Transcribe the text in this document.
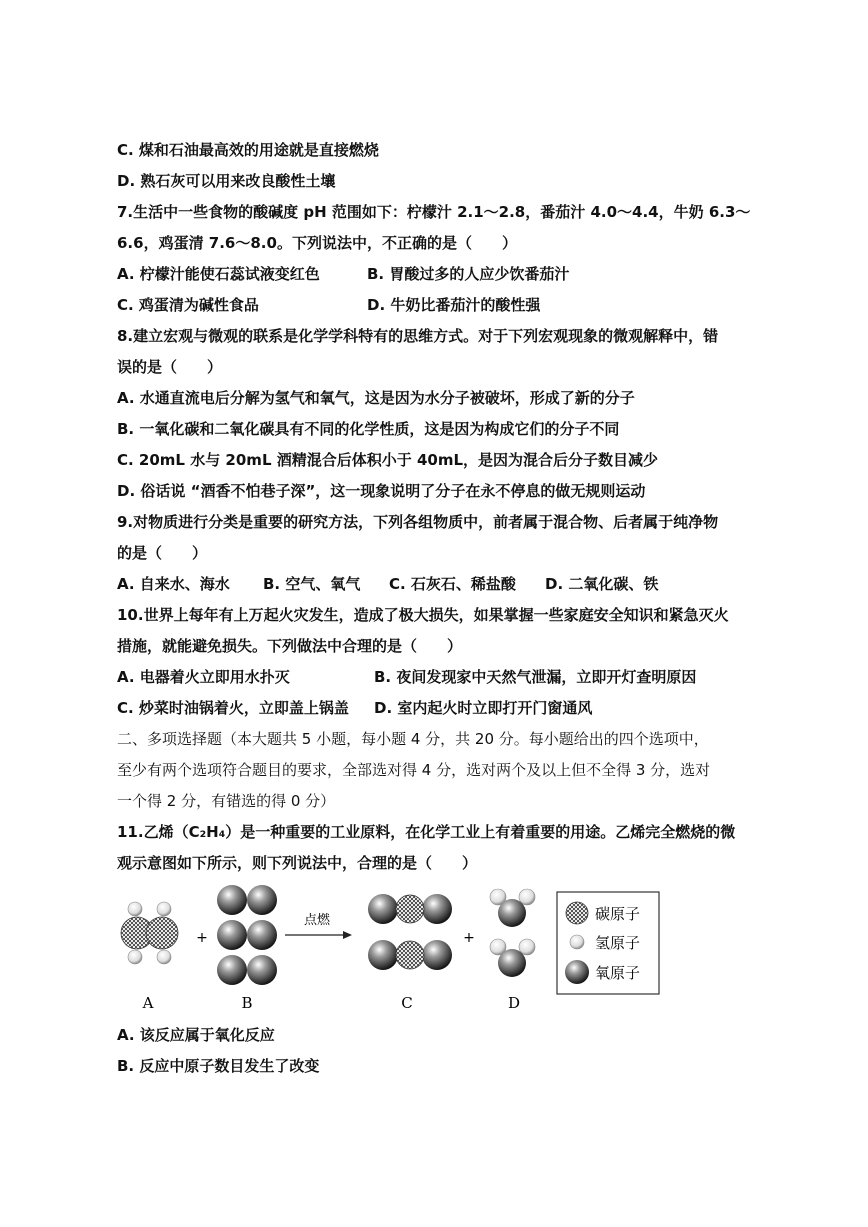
C. 煤和石油最高效的用途就是直接燃烧
D. 熟石灰可以用来改良酸性土壤
7.生活中一些食物的酸碱度 pH 范围如下：柠檬汁 2.1～2.8，番茄汁 4.0～4.4，牛奶 6.3～
6.6，鸡蛋清 7.6～8.0。下列说法中，不正确的是（　　）
A. 柠檬汁能使石蕊试液变红色	B. 胃酸过多的人应少饮番茄汁
C. 鸡蛋清为碱性食品	D. 牛奶比番茄汁的酸性强
8.建立宏观与微观的联系是化学学科特有的思维方式。对于下列宏观现象的微观解释中，错
误的是（　　）
A. 水通直流电后分解为氢气和氧气，这是因为水分子被破坏，形成了新的分子
B. 一氧化碳和二氧化碳具有不同的化学性质，这是因为构成它们的分子不同
C. 20mL 水与 20mL 酒精混合后体积小于 40mL，是因为混合后分子数目减少
D. 俗话说 “酒香不怕巷子深”，这一现象说明了分子在永不停息的做无规则运动
9.对物质进行分类是重要的研究方法，下列各组物质中，前者属于混合物、后者属于纯净物
的是（　　）
A. 自来水、海水 B. 空气、氧气 C. 石灰石、稀盐酸 D. 二氧化碳、铁
10.世界上每年有上万起火灾发生，造成了极大损失，如果掌握一些家庭安全知识和紧急灭火
措施，就能避免损失。下列做法中合理的是（　　）
A. 电器着火立即用水扑灭	B. 夜间发现家中天然气泄漏，立即开灯查明原因
C. 炒菜时油锅着火，立即盖上锅盖 D. 室内起火时立即打开门窗通风
二、多项选择题（本大题共 5 小题，每小题 4 分，共 20 分。每小题给出的四个选项中，
至少有两个选项符合题目的要求，全部选对得 4 分，选对两个及以上但不全得 3 分，选对
一个得 2 分，有错选的得 0 分）
11.乙烯（C₂H₄）是一种重要的工业原料，在化学工业上有着重要的用途。乙烯完全燃烧的微
观示意图如下所示，则下列说法中，合理的是（　　）
A
+
B
点燃
C
+
D
碳原子
氢原子
氧原子
A. 该反应属于氧化反应
B. 反应中原子数目发生了改变
